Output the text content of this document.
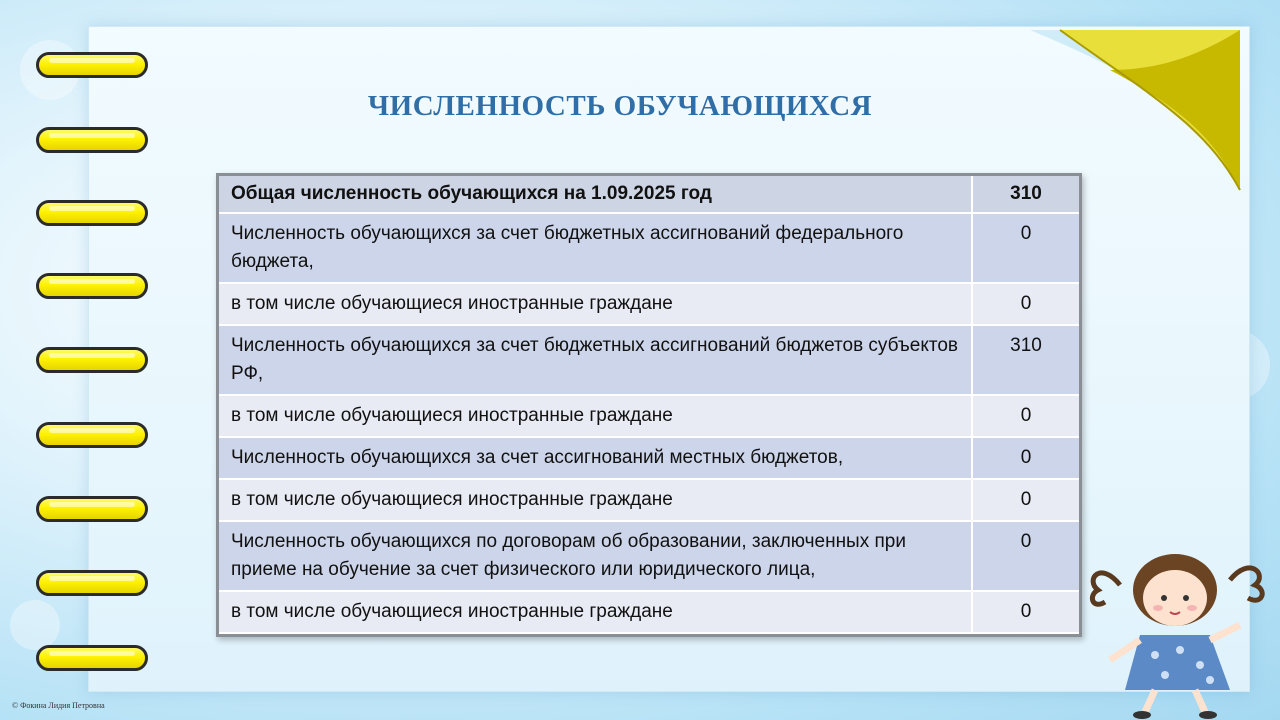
ЧИСЛЕННОСТЬ ОБУЧАЮЩИХСЯ
Общая численность обучающихся на 1.09.2025 год	310
Численность обучающихся за счет бюджетных ассигнований федерального бюджета,	0
в том числе обучающиеся иностранные граждане	0
Численность обучающихся за счет бюджетных ассигнований бюджетов субъектов РФ,	310
в том числе обучающиеся иностранные граждане	0
Численность обучающихся за счет ассигнований местных бюджетов,	0
в том числе обучающиеся иностранные граждане	0
Численность обучающихся по договорам об образовании, заключенных при приеме на обучение за счет физического или юридического лица,	0
в том числе обучающиеся иностранные граждане	0
© Фокина Лидия Петровна
